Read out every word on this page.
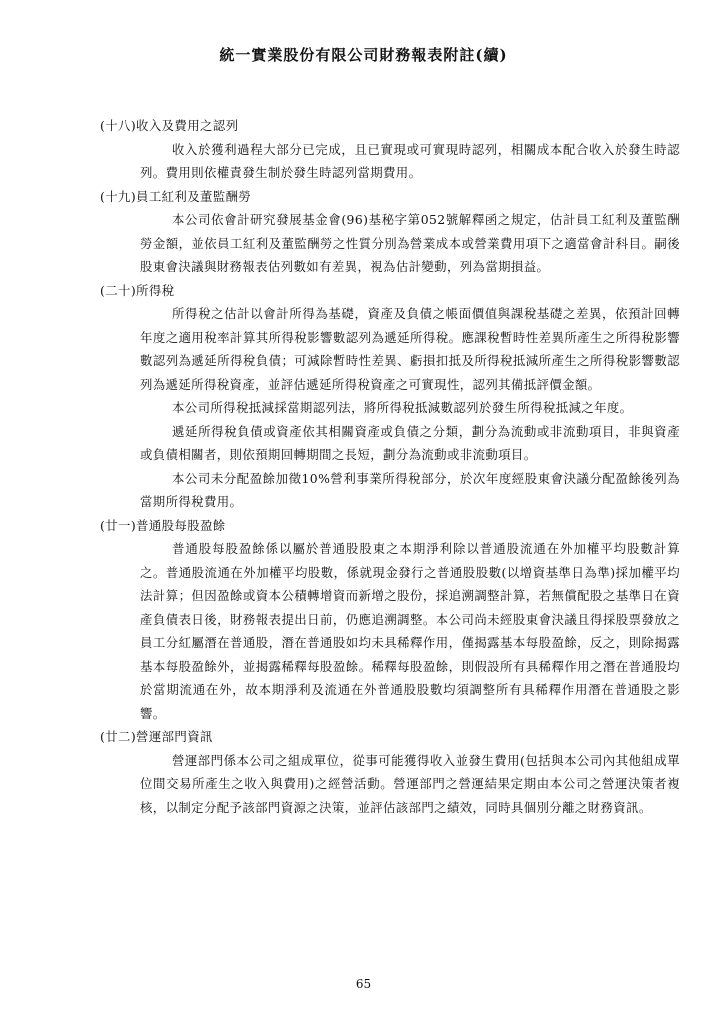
統一實業股份有限公司財務報表附註(續)

(十八)收入及費用之認列

收入於獲利過程大部分已完成，且已實現或可實現時認列，相關成本配合收入於發生時認列。費用則依權責發生制於發生時認列當期費用。

(十九)員工紅利及董監酬勞

本公司依會計研究發展基金會(96)基秘字第052號解釋函之規定，估計員工紅利及董監酬勞金額，並依員工紅利及董監酬勞之性質分別為營業成本或營業費用項下之適當會計科目。嗣後股東會決議與財務報表估列數如有差異，視為估計變動，列為當期損益。

(二十)所得稅

所得稅之估計以會計所得為基礎，資產及負債之帳面價值與課稅基礎之差異，依預計回轉年度之適用稅率計算其所得稅影響數認列為遞延所得稅。應課稅暫時性差異所產生之所得稅影響數認列為遞延所得稅負債；可減除暫時性差異、虧損扣抵及所得稅抵減所產生之所得稅影響數認列為遞延所得稅資產，並評估遞延所得稅資產之可實現性，認列其備抵評價金額。

本公司所得稅抵減採當期認列法，將所得稅抵減數認列於發生所得稅抵減之年度。

遞延所得稅負債或資產依其相關資產或負債之分類，劃分為流動或非流動項目，非與資產或負債相關者，則依預期回轉期間之長短，劃分為流動或非流動項目。

本公司未分配盈餘加徵10%營利事業所得稅部分，於次年度經股東會決議分配盈餘後列為當期所得稅費用。

(廿一)普通股每股盈餘

普通股每股盈餘係以屬於普通股股東之本期淨利除以普通股流通在外加權平均股數計算之。普通股流通在外加權平均股數，係就現金發行之普通股股數(以增資基準日為準)採加權平均法計算；但因盈餘或資本公積轉增資而新增之股份，採追溯調整計算，若無償配股之基準日在資產負債表日後，財務報表提出日前，仍應追溯調整。本公司尚未經股東會決議且得採股票發放之員工分紅屬潛在普通股，潛在普通股如均未具稀釋作用，僅揭露基本每股盈餘，反之，則除揭露基本每股盈餘外，並揭露稀釋每股盈餘。稀釋每股盈餘，則假設所有具稀釋作用之潛在普通股均於當期流通在外，故本期淨利及流通在外普通股股數均須調整所有具稀釋作用潛在普通股之影響。

(廿二)營運部門資訊

營運部門係本公司之組成單位，從事可能獲得收入並發生費用(包括與本公司內其他組成單位間交易所產生之收入與費用)之經營活動。營運部門之營運結果定期由本公司之營運決策者複核，以制定分配予該部門資源之決策，並評估該部門之績效，同時具個別分離之財務資訊。

65
